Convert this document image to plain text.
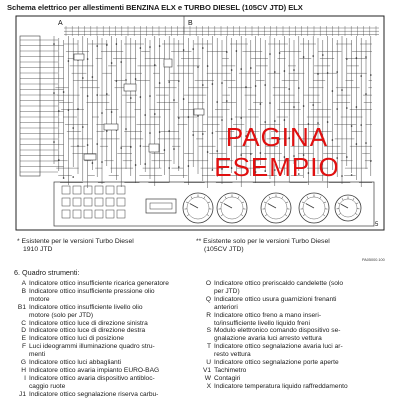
Schema elettrico per allestimenti BENZINA ELX e TURBO DIESEL (105CV JTD) ELX
A	B
5
PAGINA
ESEMPIO
* Esistente per le versioni Turbo Diesel
1910 JTD
** Esistente solo per le versioni Turbo Diesel
(105CV JTD)
PA05000.100
6. Quadro strumenti:
A Indicatore ottico insufficiente ricarica generatore
B Indicatore ottico insufficiente pressione olio
motore
B1 Indicatore ottico insufficiente livello olio
motore (solo per JTD)
C Indicatore ottico luce di direzione sinistra
D Indicatore ottico luce di direzione destra
E Indicatore ottico luci di posizione
F Luci ideogrammi illuminazione quadro stru-
menti
G Indicatore ottico luci abbaglianti
H Indicatore ottico avaria impianto EURO-BAG
I Indicatore ottico avaria dispositivo antibloc-
caggio ruote
J1 Indicatore ottico segnalazione riserva carbu-
O Indicatore ottico preriscaldo candelette (solo
per JTD)
Q Indicatore ottico usura guarnizioni frenanti
anteriori
R Indicatore ottico freno a mano inseri-
to/insufficiente livello liquido freni
S Modulo elettronico comando dispositivo se-
gnalazione avaria luci arresto vettura
T Indicatore ottico segnalazione avaria luci ar-
resto vettura
U Indicatore ottico segnalazione porte aperte
V1 Tachimetro
W Contagiri
X Indicatore temperatura liquido raffreddamento
